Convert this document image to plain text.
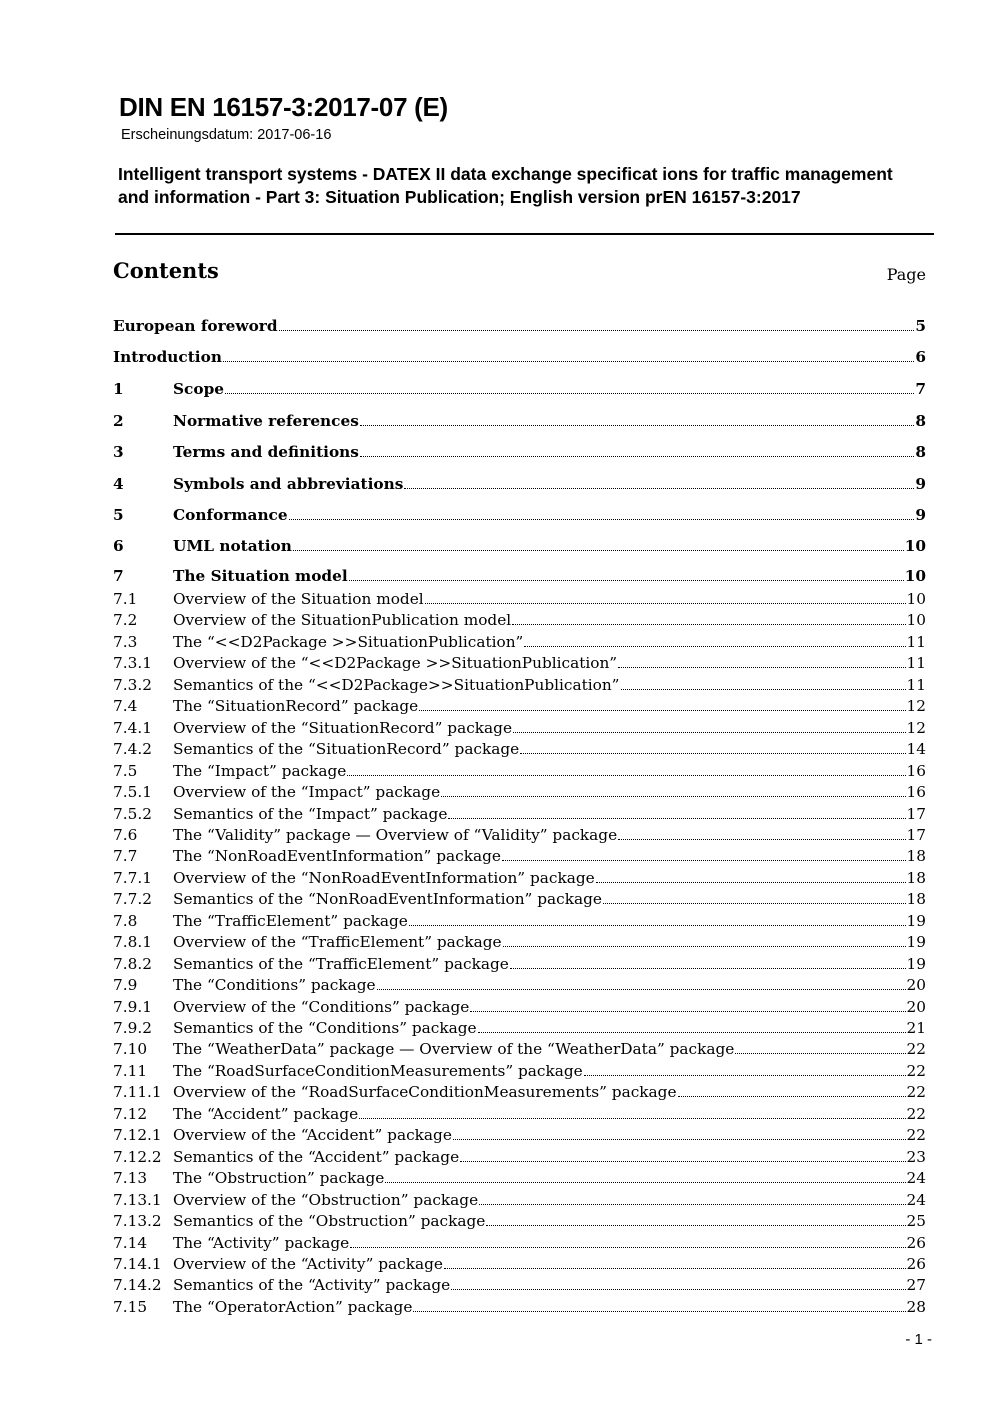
DIN EN 16157-3:2017-07 (E)
Erscheinungsdatum: 2017-06-16
Intelligent transport systems - DATEX II data exchange specificat ions for traffic management and information - Part 3: Situation Publication; English version prEN 16157-3:2017
Contents	Page
European foreword	5
Introduction	6
1	Scope	7
2	Normative references	8
3	Terms and definitions	8
4	Symbols and abbreviations	9
5	Conformance	9
6	UML notation	10
7	The Situation model	10
7.1	Overview of the Situation model	10
7.2	Overview of the SituationPublication model	10
7.3	The “<<D2Package >>SituationPublication”	11
7.3.1	Overview of the “<<D2Package >>SituationPublication”	11
7.3.2	Semantics of the “<<D2Package>>SituationPublication”	11
7.4	The “SituationRecord” package	12
7.4.1	Overview of the “SituationRecord” package	12
7.4.2	Semantics of the “SituationRecord” package	14
7.5	The “Impact” package	16
7.5.1	Overview of the “Impact” package	16
7.5.2	Semantics of the “Impact” package	17
7.6	The “Validity” package — Overview of “Validity” package	17
7.7	The “NonRoadEventInformation” package	18
7.7.1	Overview of the “NonRoadEventInformation” package	18
7.7.2	Semantics of the “NonRoadEventInformation” package	18
7.8	The “TrafficElement” package	19
7.8.1	Overview of the “TrafficElement” package	19
7.8.2	Semantics of the “TrafficElement” package	19
7.9	The “Conditions” package	20
7.9.1	Overview of the “Conditions” package	20
7.9.2	Semantics of the “Conditions” package	21
7.10	The “WeatherData” package — Overview of the “WeatherData” package	22
7.11	The “RoadSurfaceConditionMeasurements” package	22
7.11.1 Overview of the “RoadSurfaceConditionMeasurements” package	22
7.12	The “Accident” package	22
7.12.1 Overview of the “Accident” package	22
7.12.2 Semantics of the “Accident” package	23
7.13	The “Obstruction” package	24
7.13.1 Overview of the “Obstruction” package	24
7.13.2 Semantics of the “Obstruction” package	25
7.14	The “Activity” package	26
7.14.1 Overview of the “Activity” package	26
7.14.2 Semantics of the “Activity” package	27
7.15	The “OperatorAction” package	28
- 1 -
